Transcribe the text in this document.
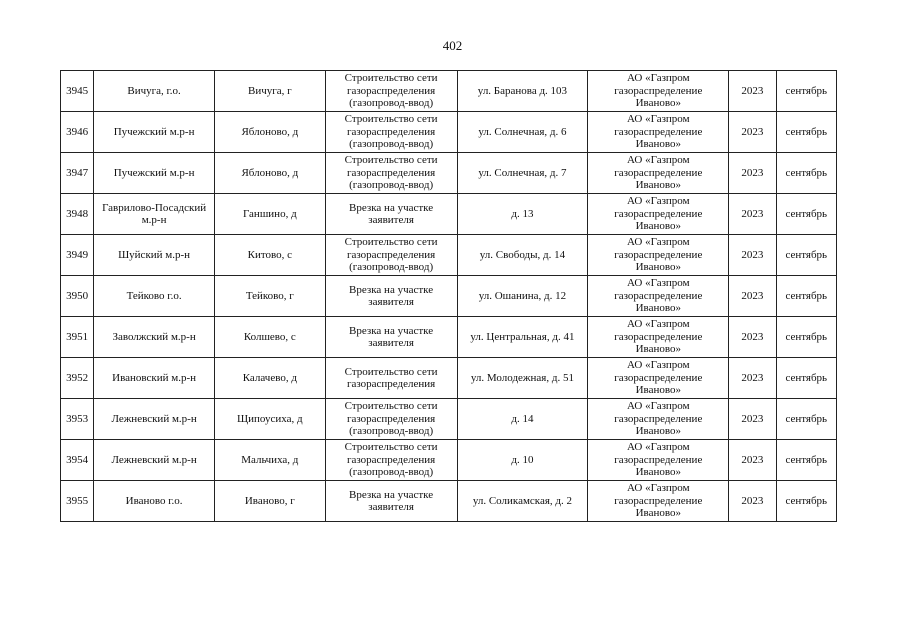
402
3945	Вичуга, г.о.	Вичуга, г	Строительство сети газораспределения (газопровод-ввод)	ул. Баранова д. 103	АО «Газпром газораспределение Иваново»	2023	сентябрь
3946	Пучежский м.р-н	Яблоново, д	Строительство сети газораспределения (газопровод-ввод)	ул. Солнечная, д. 6	АО «Газпром газораспределение Иваново»	2023	сентябрь
3947	Пучежский м.р-н	Яблоново, д	Строительство сети газораспределения (газопровод-ввод)	ул. Солнечная, д. 7	АО «Газпром газораспределение Иваново»	2023	сентябрь
3948	Гаврилово-Посадский м.р-н	Ганшино, д	Врезка на участке заявителя	д. 13	АО «Газпром газораспределение Иваново»	2023	сентябрь
3949	Шуйский м.р-н	Китово, с	Строительство сети газораспределения (газопровод-ввод)	ул. Свободы, д. 14	АО «Газпром газораспределение Иваново»	2023	сентябрь
3950	Тейково г.о.	Тейково, г	Врезка на участке заявителя	ул. Ошанина, д. 12	АО «Газпром газораспределение Иваново»	2023	сентябрь
3951	Заволжский м.р-н	Колшево, с	Врезка на участке заявителя	ул. Центральная, д. 41	АО «Газпром газораспределение Иваново»	2023	сентябрь
3952	Ивановский м.р-н	Калачево, д	Строительство сети газораспределения	ул. Молодежная, д. 51	АО «Газпром газораспределение Иваново»	2023	сентябрь
3953	Лежневский м.р-н	Щипоусиха, д	Строительство сети газораспределения (газопровод-ввод)	д. 14	АО «Газпром газораспределение Иваново»	2023	сентябрь
3954	Лежневский м.р-н	Мальчиха, д	Строительство сети газораспределения (газопровод-ввод)	д. 10	АО «Газпром газораспределение Иваново»	2023	сентябрь
3955	Иваново г.о.	Иваново, г	Врезка на участке заявителя	ул. Соликамская, д. 2	АО «Газпром газораспределение Иваново»	2023	сентябрь
